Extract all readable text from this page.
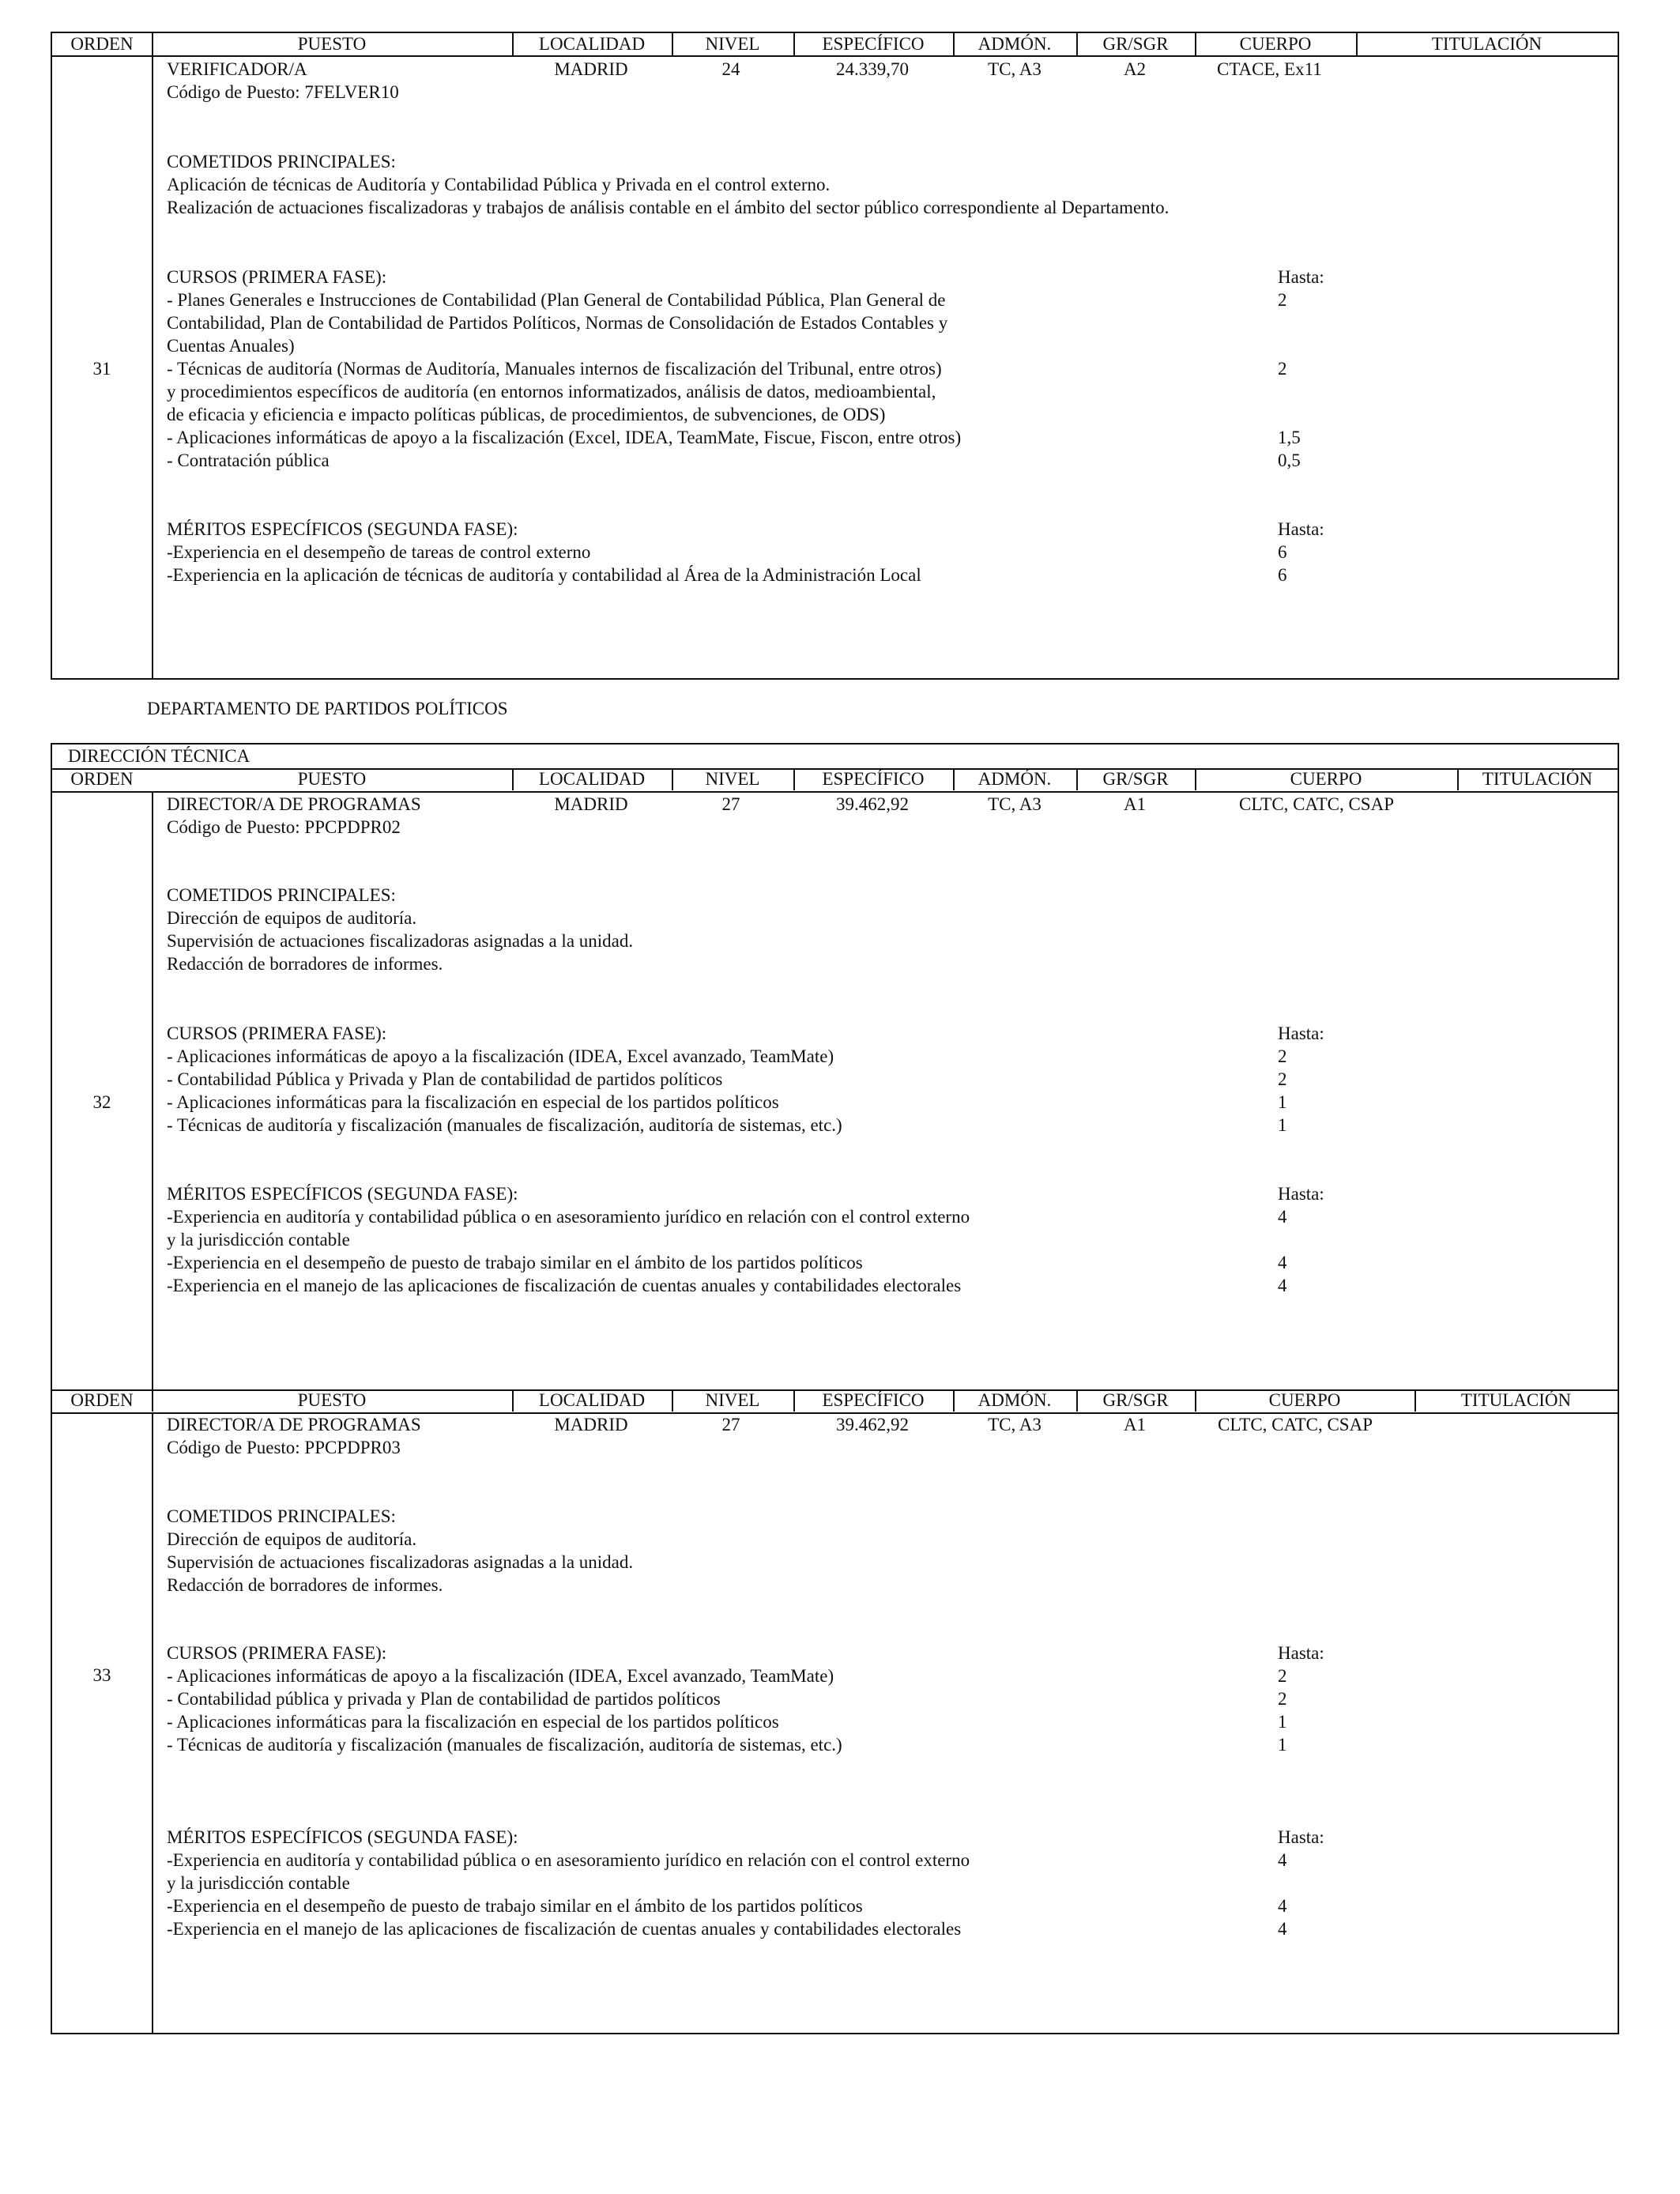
ORDEN	PUESTO	LOCALIDAD	NIVEL	ESPECÍFICO	ADMÓN.	GR/SGR	CUERPO	TITULACIÓN
31
VERIFICADOR/A
Código de Puesto: 7FELVER10
MADRID	24	24.339,70	TC, A3	A2	CTACE, Ex11
COMETIDOS PRINCIPALES:
Aplicación de técnicas de Auditoría y Contabilidad Pública y Privada en el control externo.
Realización de actuaciones fiscalizadoras y trabajos de análisis contable en el ámbito del sector público correspondiente al Departamento.
CURSOS (PRIMERA FASE):	Hasta:
- Planes Generales e Instrucciones de Contabilidad (Plan General de Contabilidad Pública, Plan General de	2
Contabilidad, Plan de Contabilidad de Partidos Políticos, Normas de Consolidación de Estados Contables y
Cuentas Anuales)
- Técnicas de auditoría (Normas de Auditoría, Manuales internos de fiscalización del Tribunal, entre otros)	2
y procedimientos específicos de auditoría (en entornos informatizados, análisis de datos, medioambiental,
de eficacia y eficiencia e impacto políticas públicas, de procedimientos, de subvenciones, de ODS)
- Aplicaciones informáticas de apoyo a la fiscalización (Excel, IDEA, TeamMate, Fiscue, Fiscon, entre otros)	1,5
- Contratación pública	0,5
MÉRITOS ESPECÍFICOS (SEGUNDA FASE):	Hasta:
-Experiencia en el desempeño de tareas de control externo	6
-Experiencia en la aplicación de técnicas de auditoría y contabilidad al Área de la Administración Local	6
DEPARTAMENTO DE PARTIDOS POLÍTICOS
DIRECCIÓN TÉCNICA
ORDEN	PUESTO	LOCALIDAD	NIVEL	ESPECÍFICO	ADMÓN.	GR/SGR	CUERPO	TITULACIÓN
ORDEN	PUESTO	LOCALIDAD	NIVEL	ESPECÍFICO	ADMÓN.	GR/SGR	CUERPO	TITULACIÓN
32
DIRECTOR/A DE PROGRAMAS
Código de Puesto: PPCPDPR02
MADRID	27	39.462,92	TC, A3	A1	CLTC, CATC, CSAP
COMETIDOS PRINCIPALES:
Dirección de equipos de auditoría.
Supervisión de actuaciones fiscalizadoras asignadas a la unidad.
Redacción de borradores de informes.
CURSOS (PRIMERA FASE):	Hasta:
- Aplicaciones informáticas de apoyo a la fiscalización (IDEA, Excel avanzado, TeamMate)	2
- Contabilidad Pública y Privada y Plan de contabilidad de partidos políticos	2
- Aplicaciones informáticas para la fiscalización en especial de los partidos políticos	1
- Técnicas de auditoría y fiscalización (manuales de fiscalización, auditoría de sistemas, etc.)	1
MÉRITOS ESPECÍFICOS (SEGUNDA FASE):	Hasta:
-Experiencia en auditoría y contabilidad pública o en asesoramiento jurídico en relación con el control externo	4
y la jurisdicción contable
-Experiencia en el desempeño de puesto de trabajo similar en el ámbito de los partidos políticos	4
-Experiencia en el manejo de las aplicaciones de fiscalización de cuentas anuales y contabilidades electorales	4
33
DIRECTOR/A DE PROGRAMAS
Código de Puesto: PPCPDPR03
MADRID	27	39.462,92	TC, A3	A1	CLTC, CATC, CSAP
COMETIDOS PRINCIPALES:
Dirección de equipos de auditoría.
Supervisión de actuaciones fiscalizadoras asignadas a la unidad.
Redacción de borradores de informes.
CURSOS (PRIMERA FASE):	Hasta:
- Aplicaciones informáticas de apoyo a la fiscalización (IDEA, Excel avanzado, TeamMate)	2
- Contabilidad pública y privada y Plan de contabilidad de partidos políticos	2
- Aplicaciones informáticas para la fiscalización en especial de los partidos políticos	1
- Técnicas de auditoría y fiscalización (manuales de fiscalización, auditoría de sistemas, etc.)	1
MÉRITOS ESPECÍFICOS (SEGUNDA FASE):	Hasta:
-Experiencia en auditoría y contabilidad pública o en asesoramiento jurídico en relación con el control externo	4
y la jurisdicción contable
-Experiencia en el desempeño de puesto de trabajo similar en el ámbito de los partidos políticos	4
-Experiencia en el manejo de las aplicaciones de fiscalización de cuentas anuales y contabilidades electorales	4
